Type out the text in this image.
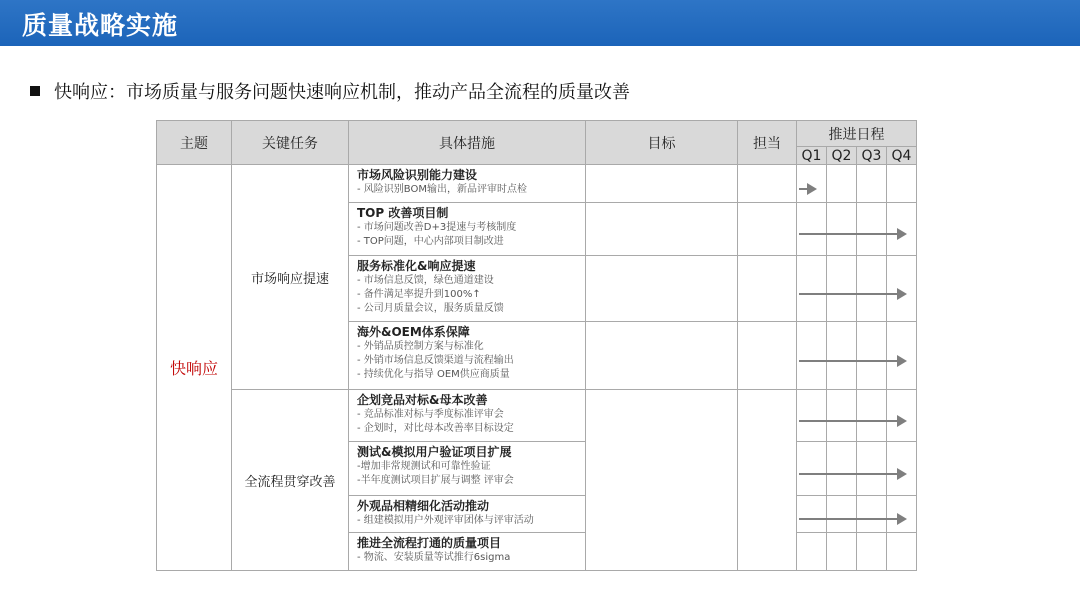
质量战略实施
快响应：市场质量与服务问题快速响应机制，推动产品全流程的质量改善
主题	关键任务	具体措施	目标	担当	推进日程			
					Q1	Q2	Q3	Q4
快响应	市场响应提速	市场风险识别能力建设
- 风险识别BOM输出，新品评审时点检						

		TOP 改善项目制
- 市场问题改善D+3提速与考核制度
- TOP问题，中心内部项目制改进						

		服务标准化&响应提速
- 市场信息反馈，绿色通道建设
- 备件满足率提升到100%↑
- 公司月质量会议，服务质量反馈						

		海外&OEM体系保障
- 外销品质控制方案与标准化
- 外销市场信息反馈渠道与流程输出
- 持续优化与指导 OEM供应商质量						

	全流程贯穿改善	企划竞品对标&母本改善
- 竞品标准对标与季度标准评审会
- 企划时，对比母本改善率目标设定						

		测试&模拟用户验证项目扩展
-增加非常规测试和可靠性验证
-半年度测试项目扩展与调整 评审会						

		外观品相精细化活动推动
- 组建模拟用户外观评审团体与评审活动						

		推进全流程打通的质量项目
- 物流、安装质量等试推行6sigma						
